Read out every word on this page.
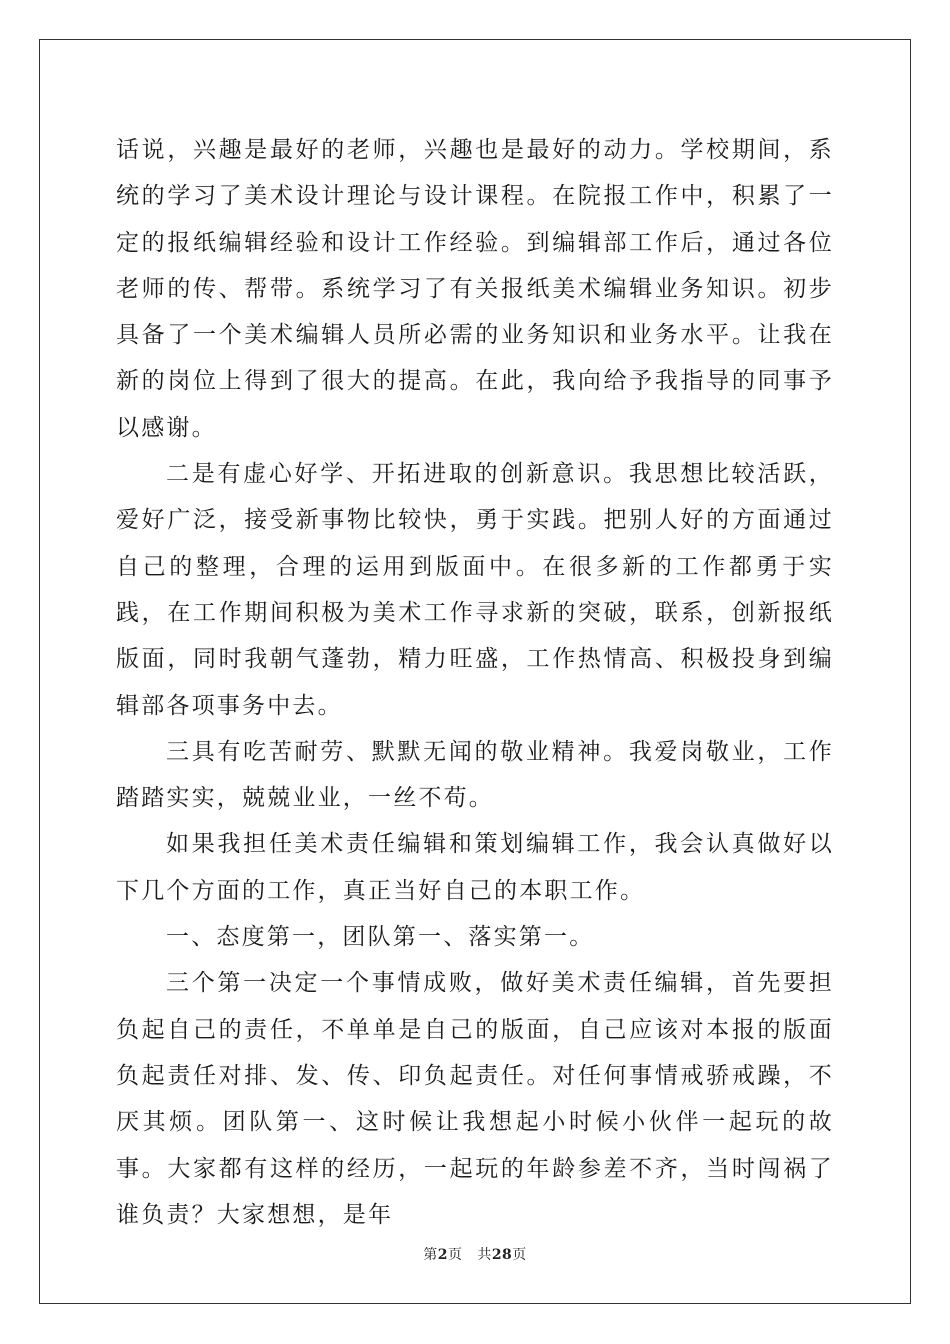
话说，兴趣是最好的老师，兴趣也是最好的动力。学校期间，系统的学习了美术设计理论与设计课程。在院报工作中，积累了一定的报纸编辑经验和设计工作经验。到编辑部工作后，通过各位老师的传、帮带。系统学习了有关报纸美术编辑业务知识。初步具备了一个美术编辑人员所必需的业务知识和业务水平。让我在新的岗位上得到了很大的提高。在此，我向给予我指导的同事予以感谢。

二是有虚心好学、开拓进取的创新意识。我思想比较活跃，爱好广泛，接受新事物比较快，勇于实践。把别人好的方面通过自己的整理，合理的运用到版面中。在很多新的工作都勇于实践，在工作期间积极为美术工作寻求新的突破，联系，创新报纸版面，同时我朝气蓬勃，精力旺盛，工作热情高、积极投身到编辑部各项事务中去。

三具有吃苦耐劳、默默无闻的敬业精神。我爱岗敬业，工作踏踏实实，兢兢业业，一丝不苟。

如果我担任美术责任编辑和策划编辑工作，我会认真做好以下几个方面的工作，真正当好自己的本职工作。

一、态度第一，团队第一、落实第一。

三个第一决定一个事情成败，做好美术责任编辑，首先要担负起自己的责任，不单单是自己的版面，自己应该对本报的版面负起责任对排、发、传、印负起责任。对任何事情戒骄戒躁，不厌其烦。团队第一、这时候让我想起小时候小伙伴一起玩的故事。大家都有这样的经历，一起玩的年龄参差不齐，当时闯祸了谁负责？大家想想，是年

第2页 共28页
